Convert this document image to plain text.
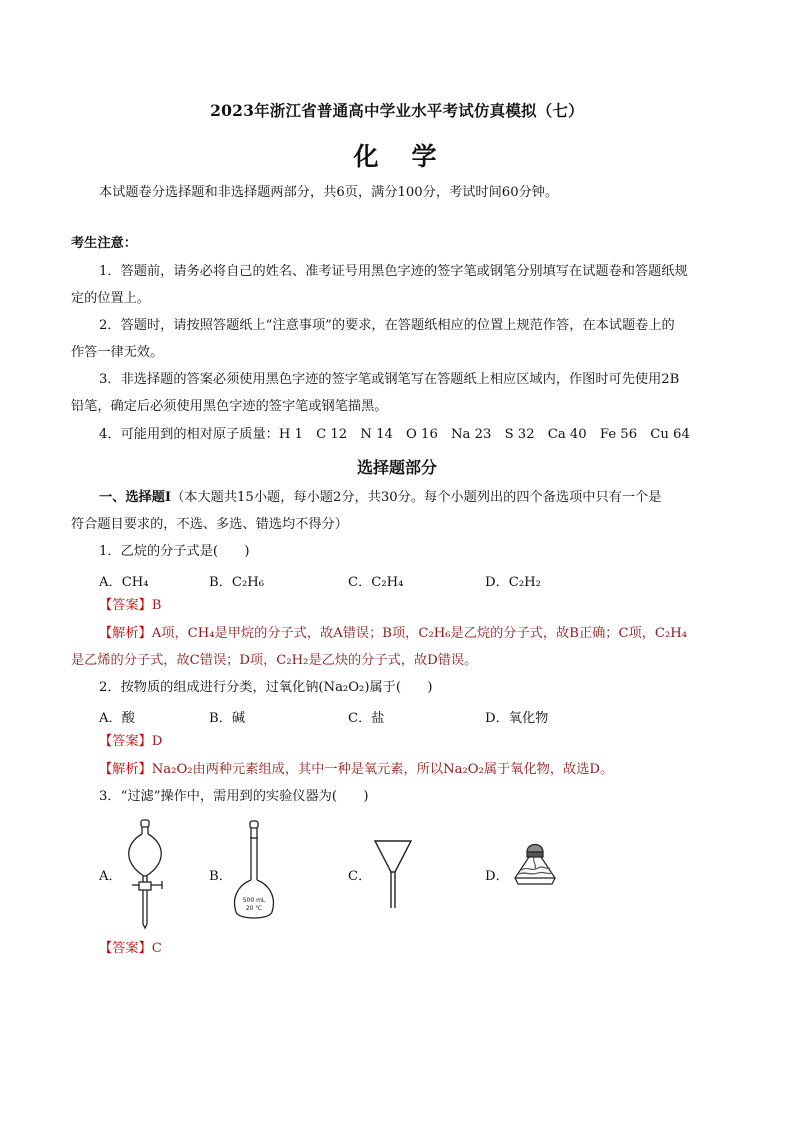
2023年浙江省普通高中学业水平考试仿真模拟（七）
化　学
本试题卷分选择题和非选择题两部分，共6页，满分100分，考试时间60分钟。
考生注意：
1．答题前，请务必将自己的姓名、准考证号用黑色字迹的签字笔或钢笔分别填写在试题卷和答题纸规
定的位置上。
2．答题时，请按照答题纸上“注意事项”的要求，在答题纸相应的位置上规范作答，在本试题卷上的
作答一律无效。
3．非选择题的答案必须使用黑色字迹的签字笔或钢笔写在答题纸上相应区域内，作图时可先使用2B
铅笔，确定后必须使用黑色字迹的签字笔或钢笔描黑。
4．可能用到的相对原子质量：H 1　C 12　N 14　O 16　Na 23　S 32　Ca 40　Fe 56　Cu 64
选择题部分
一、选择题Ⅰ（本大题共15小题，每小题2分，共30分。每个小题列出的四个备选项中只有一个是
符合题目要求的，不选、多选、错选均不得分）
1．乙烷的分子式是(　　)
A．CH₄	B．C₂H₆	C．C₂H₄	D．C₂H₂
【答案】B
【解析】A项，CH₄是甲烷的分子式，故A错误；B项，C₂H₆是乙烷的分子式，故B正确；C项，C₂H₄
是乙烯的分子式，故C错误；D项，C₂H₂是乙炔的分子式，故D错误。
2．按物质的组成进行分类，过氧化钠(Na₂O₂)属于(　　)
A．酸	B．碱	C．盐	D．氧化物
【答案】D
【解析】Na₂O₂由两种元素组成，其中一种是氧元素，所以Na₂O₂属于氧化物，故选D。
3．“过滤”操作中，需用到的实验仪器为(　　)
A．	B．
500 mL
20 ℃
C．	D．
【答案】C
